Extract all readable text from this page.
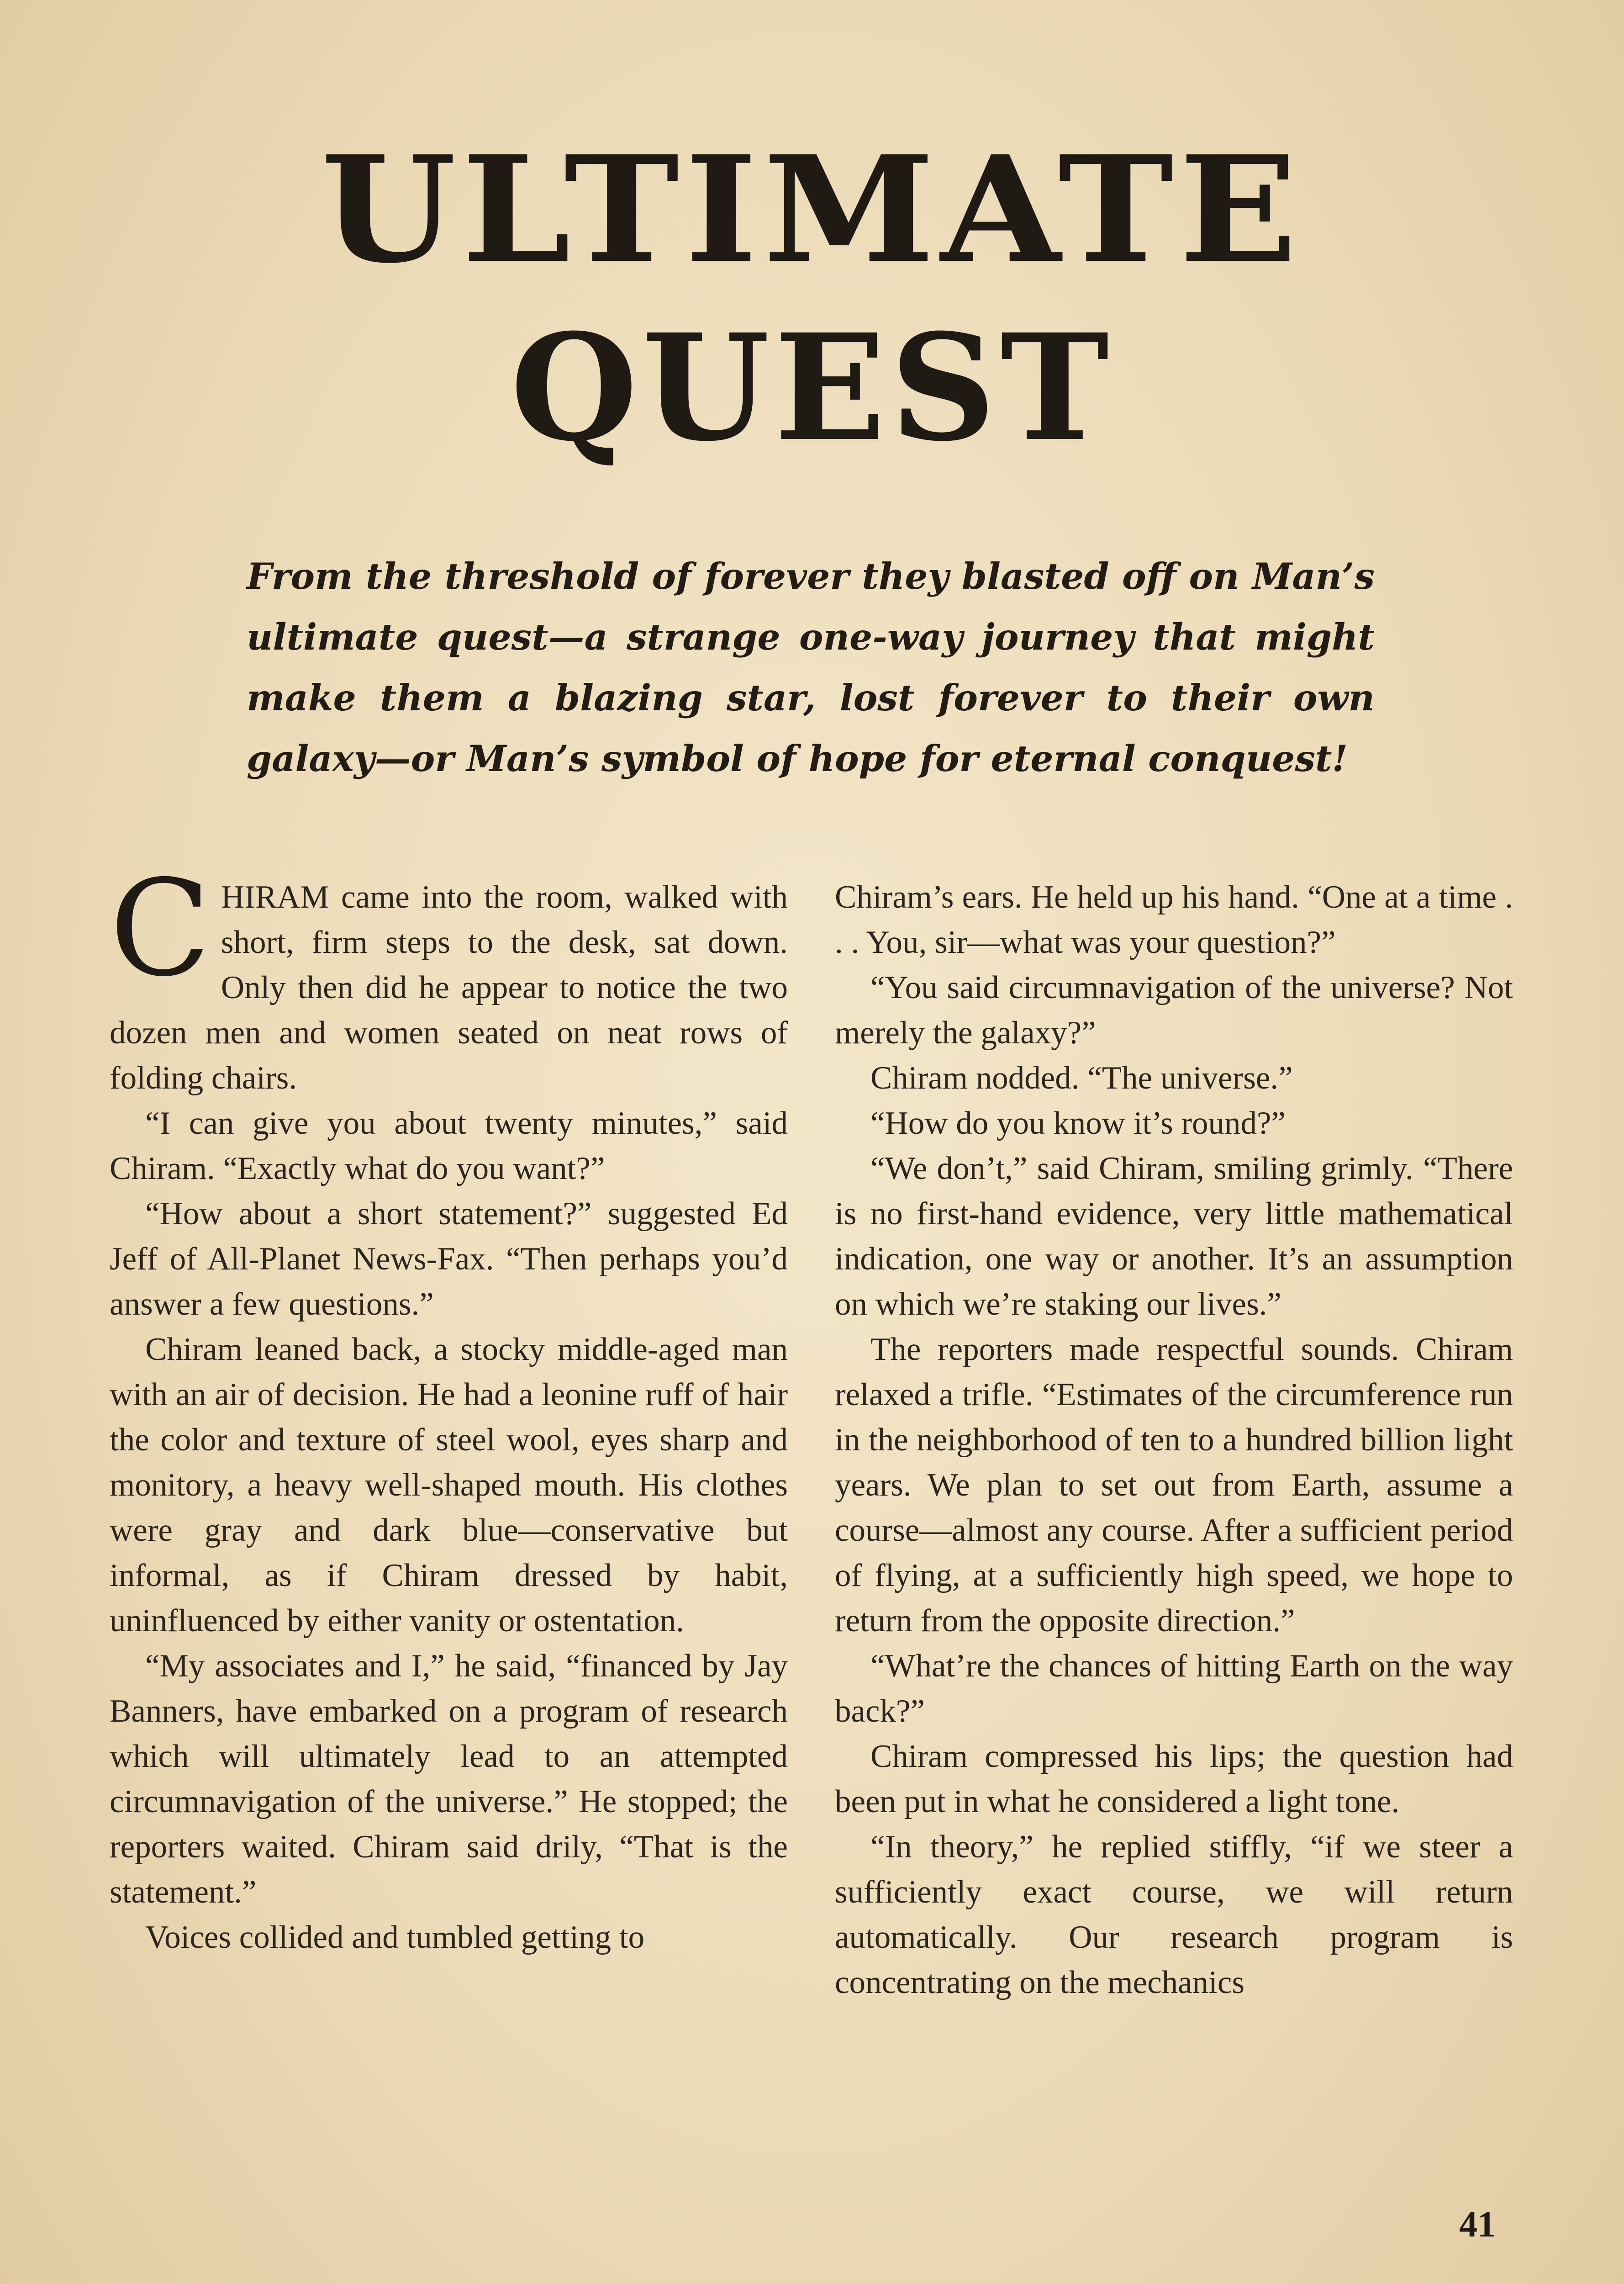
ULTIMATE
QUEST

From the threshold of forever they blasted off on Man’s ultimate quest—a strange one-way journey that might make them a blazing star, lost forever to their own galaxy—or Man’s symbol of hope for eternal conquest!

CHIRAM came into the room, walked with short, firm steps to the desk, sat down. Only then did he appear to notice the two dozen men and women seated on neat rows of folding chairs.

“I can give you about twenty minutes,” said Chiram. “Exactly what do you want?”

“How about a short statement?” suggested Ed Jeff of All-Planet News-Fax. “Then perhaps you’d answer a few questions.”

Chiram leaned back, a stocky middle-aged man with an air of decision. He had a leonine ruff of hair the color and texture of steel wool, eyes sharp and monitory, a heavy well-shaped mouth. His clothes were gray and dark blue—conservative but informal, as if Chiram dressed by habit, uninfluenced by either vanity or ostentation.

“My associates and I,” he said, “financed by Jay Banners, have embarked on a program of research which will ultimately lead to an attempted circumnavigation of the universe.” He stopped; the reporters waited. Chiram said drily, “That is the statement.”

Voices collided and tumbled getting to

Chiram’s ears. He held up his hand. “One at a time . . . You, sir—what was your question?”

“You said circumnavigation of the universe? Not merely the galaxy?”

Chiram nodded. “The universe.”

“How do you know it’s round?”

“We don’t,” said Chiram, smiling grimly. “There is no first-hand evidence, very little mathematical indication, one way or another. It’s an assumption on which we’re staking our lives.”

The reporters made respectful sounds. Chiram relaxed a trifle. “Estimates of the circumference run in the neighborhood of ten to a hundred billion light years. We plan to set out from Earth, assume a course—almost any course. After a sufficient period of flying, at a sufficiently high speed, we hope to return from the opposite direction.”

“What’re the chances of hitting Earth on the way back?”

Chiram compressed his lips; the question had been put in what he considered a light tone.

“In theory,” he replied stiffly, “if we steer a sufficiently exact course, we will return automatically. Our research program is concentrating on the mechanics

41
